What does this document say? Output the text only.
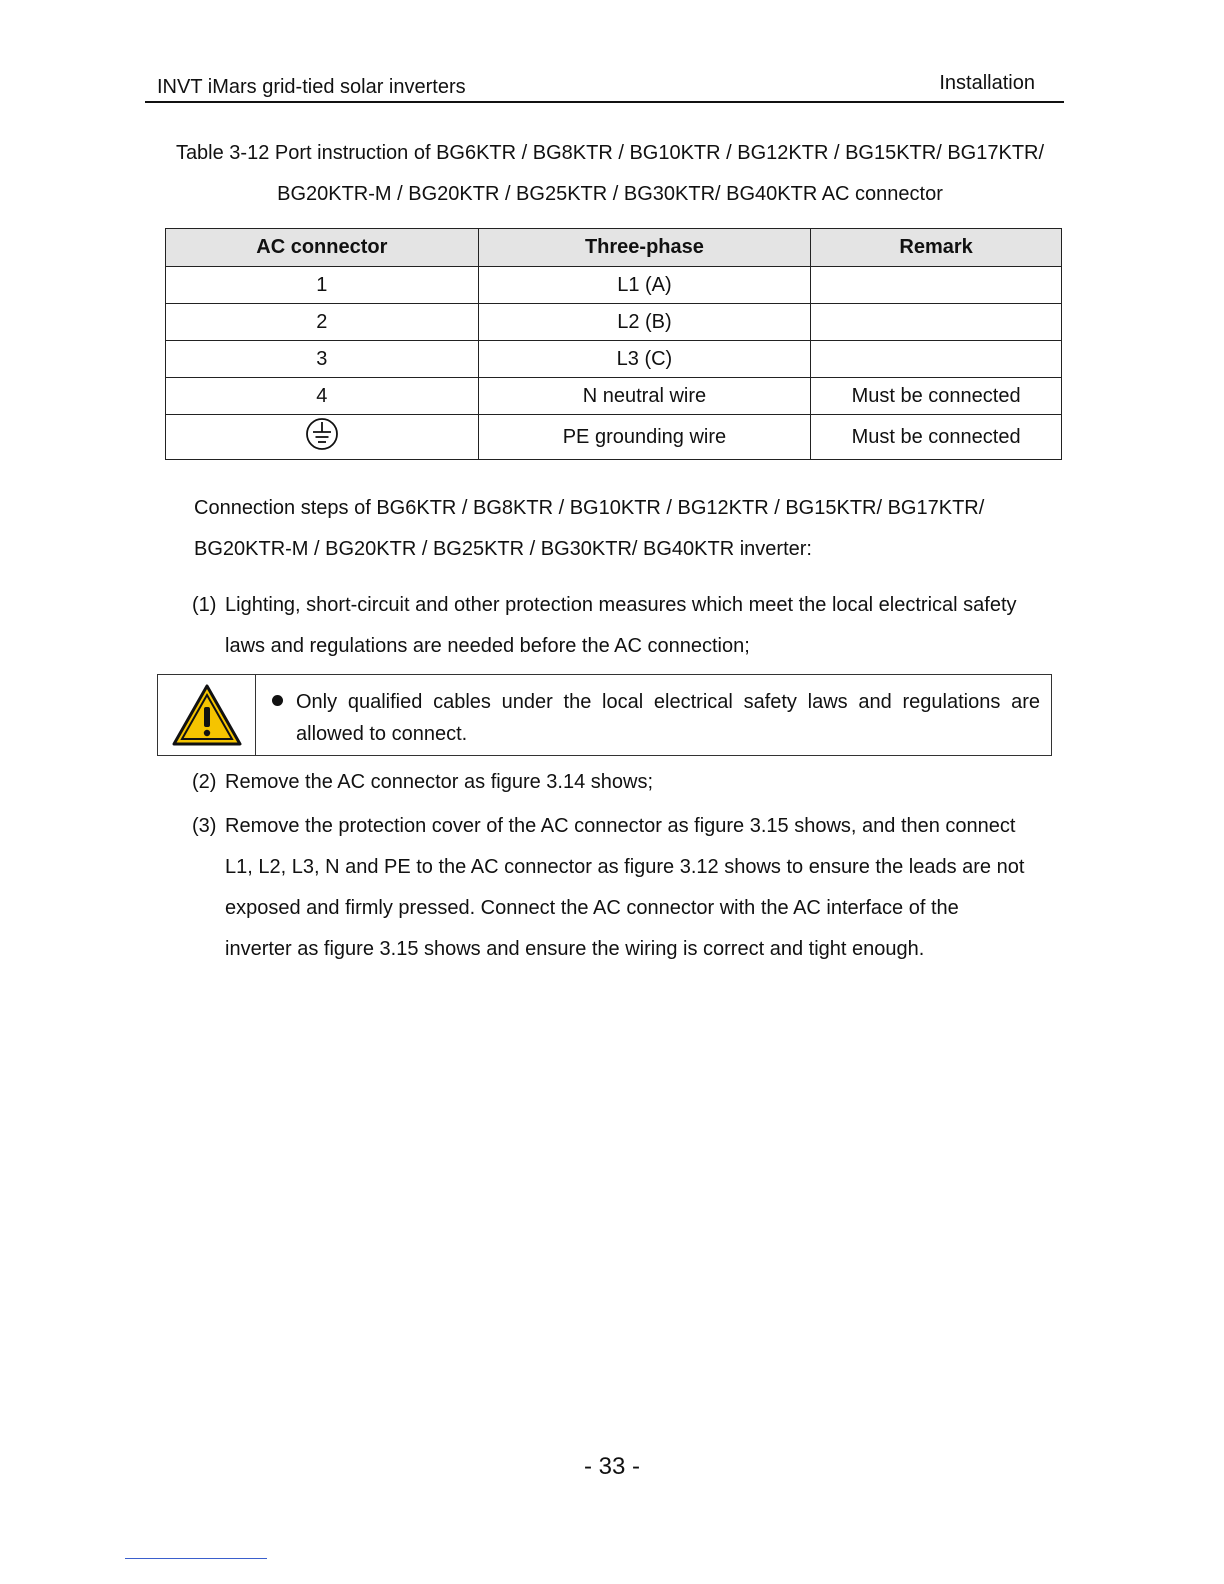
INVT iMars grid-tied solar inverters	Installation
Table 3-12 Port instruction of BG6KTR / BG8KTR / BG10KTR / BG12KTR / BG15KTR/ BG17KTR/
BG20KTR-M / BG20KTR / BG25KTR / BG30KTR/ BG40KTR AC connector
AC connector	Three-phase	Remark
1	L1 (A)	
2	L2 (B)	
3	L3 (C)	
4	N neutral wire	Must be connected
	PE grounding wire	Must be connected
Connection steps of BG6KTR / BG8KTR / BG10KTR / BG12KTR / BG15KTR/ BG17KTR/
BG20KTR-M / BG20KTR / BG25KTR / BG30KTR/ BG40KTR inverter:
(1) Lighting, short-circuit and other protection measures which meet the local electrical safety
laws and regulations are needed before the AC connection;
Only qualified cables under the local electrical safety laws and regulations are
allowed to connect.
(2) Remove the AC connector as figure 3.14 shows;
(3) Remove the protection cover of the AC connector as figure 3.15 shows, and then connect
L1, L2, L3, N and PE to the AC connector as figure 3.12 shows to ensure the leads are not
exposed and firmly pressed. Connect the AC connector with the AC interface of the
inverter as figure 3.15 shows and ensure the wiring is correct and tight enough.
- 33 -
